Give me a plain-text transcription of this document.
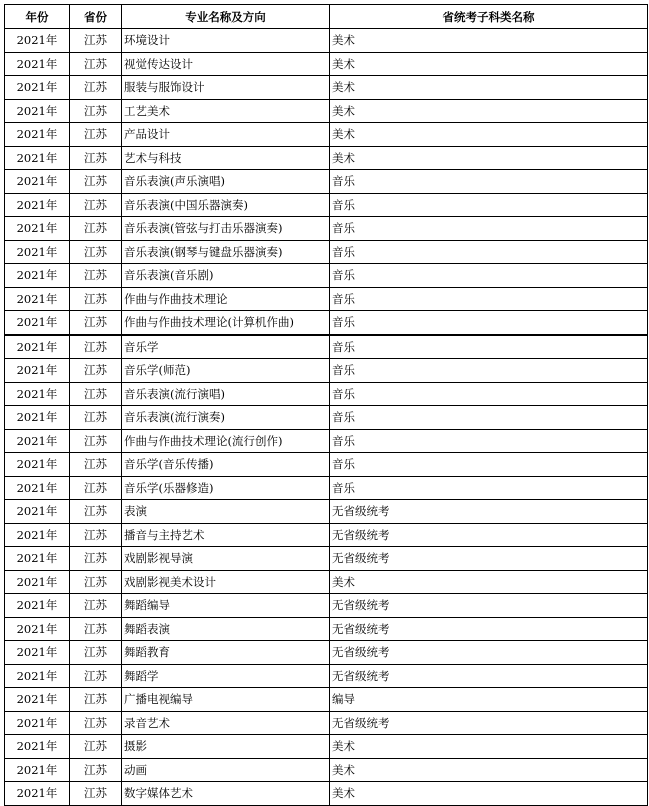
年份	省份	专业名称及方向	省统考子科类名称
2021年	江苏	环境设计	美术
2021年	江苏	视觉传达设计	美术
2021年	江苏	服装与服饰设计	美术
2021年	江苏	工艺美术	美术
2021年	江苏	产品设计	美术
2021年	江苏	艺术与科技	美术
2021年	江苏	音乐表演(声乐演唱)	音乐
2021年	江苏	音乐表演(中国乐器演奏)	音乐
2021年	江苏	音乐表演(管弦与打击乐器演奏)	音乐
2021年	江苏	音乐表演(钢琴与键盘乐器演奏)	音乐
2021年	江苏	音乐表演(音乐剧)	音乐
2021年	江苏	作曲与作曲技术理论	音乐
2021年	江苏	作曲与作曲技术理论(计算机作曲)	音乐
2021年	江苏	音乐学	音乐
2021年	江苏	音乐学(师范)	音乐
2021年	江苏	音乐表演(流行演唱)	音乐
2021年	江苏	音乐表演(流行演奏)	音乐
2021年	江苏	作曲与作曲技术理论(流行创作)	音乐
2021年	江苏	音乐学(音乐传播)	音乐
2021年	江苏	音乐学(乐器修造)	音乐
2021年	江苏	表演	无省级统考
2021年	江苏	播音与主持艺术	无省级统考
2021年	江苏	戏剧影视导演	无省级统考
2021年	江苏	戏剧影视美术设计	美术
2021年	江苏	舞蹈编导	无省级统考
2021年	江苏	舞蹈表演	无省级统考
2021年	江苏	舞蹈教育	无省级统考
2021年	江苏	舞蹈学	无省级统考
2021年	江苏	广播电视编导	编导
2021年	江苏	录音艺术	无省级统考
2021年	江苏	摄影	美术
2021年	江苏	动画	美术
2021年	江苏	数字媒体艺术	美术
